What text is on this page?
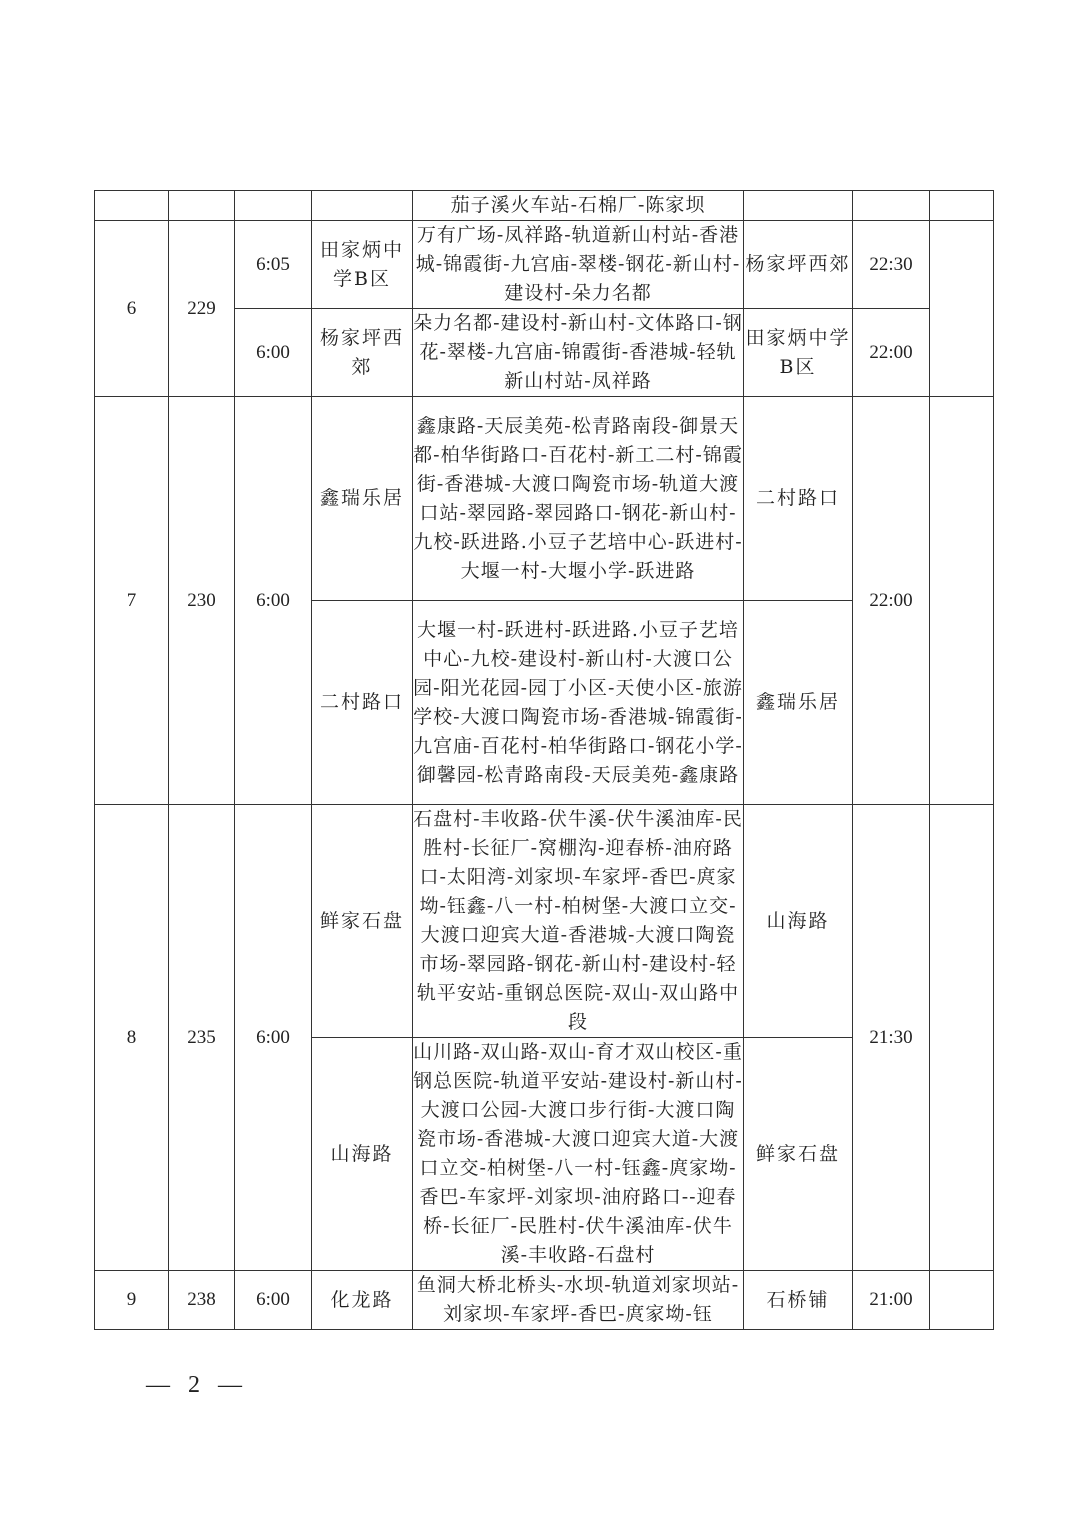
				茄子溪火车站-石棉厂-陈家坝			
6	229	6:05	田家炳中学B区	万有广场-凤祥路-轨道新山村站-香港城-锦霞街-九宫庙-翠楼-钢花-新山村-建设村-朵力名都	杨家坪西郊	22:30	
		6:00	杨家坪西郊	朵力名都-建设村-新山村-文体路口-钢花-翠楼-九宫庙-锦霞街-香港城-轻轨新山村站-凤祥路	田家炳中学B区	22:00	
7	230	6:00	鑫瑞乐居	鑫康路-天辰美苑-松青路南段-御景天都-柏华街路口-百花村-新工二村-锦霞街-香港城-大渡口陶瓷市场-轨道大渡口站-翠园路-翠园路口-钢花-新山村-九校-跃进路.小豆子艺培中心-跃进村-大堰一村-大堰小学-跃进路	二村路口	22:00	
			二村路口	大堰一村-跃进村-跃进路.小豆子艺培中心-九校-建设村-新山村-大渡口公园-阳光花园-园丁小区-天使小区-旅游学校-大渡口陶瓷市场-香港城-锦霞街-九宫庙-百花村-柏华街路口-钢花小学-御馨园-松青路南段-天辰美苑-鑫康路	鑫瑞乐居		
8	235	6:00	鲜家石盘	石盘村-丰收路-伏牛溪-伏牛溪油库-民胜村-长征厂-窝棚沟-迎春桥-油府路口-太阳湾-刘家坝-车家坪-香巴-庹家坳-钰鑫-八一村-柏树堡-大渡口立交-大渡口迎宾大道-香港城-大渡口陶瓷市场-翠园路-钢花-新山村-建设村-轻轨平安站-重钢总医院-双山-双山路中段	山海路	21:30	
			山海路	山川路-双山路-双山-育才双山校区-重钢总医院-轨道平安站-建设村-新山村-大渡口公园-大渡口步行街-大渡口陶瓷市场-香港城-大渡口迎宾大道-大渡口立交-柏树堡-八一村-钰鑫-庹家坳-香巴-车家坪-刘家坝-油府路口--迎春桥-长征厂-民胜村-伏牛溪油库-伏牛溪-丰收路-石盘村	鲜家石盘		
9	238	6:00	化龙路	鱼洞大桥北桥头-水坝-轨道刘家坝站-刘家坝-车家坪-香巴-庹家坳-钰	石桥铺	21:00	
— 2 —
